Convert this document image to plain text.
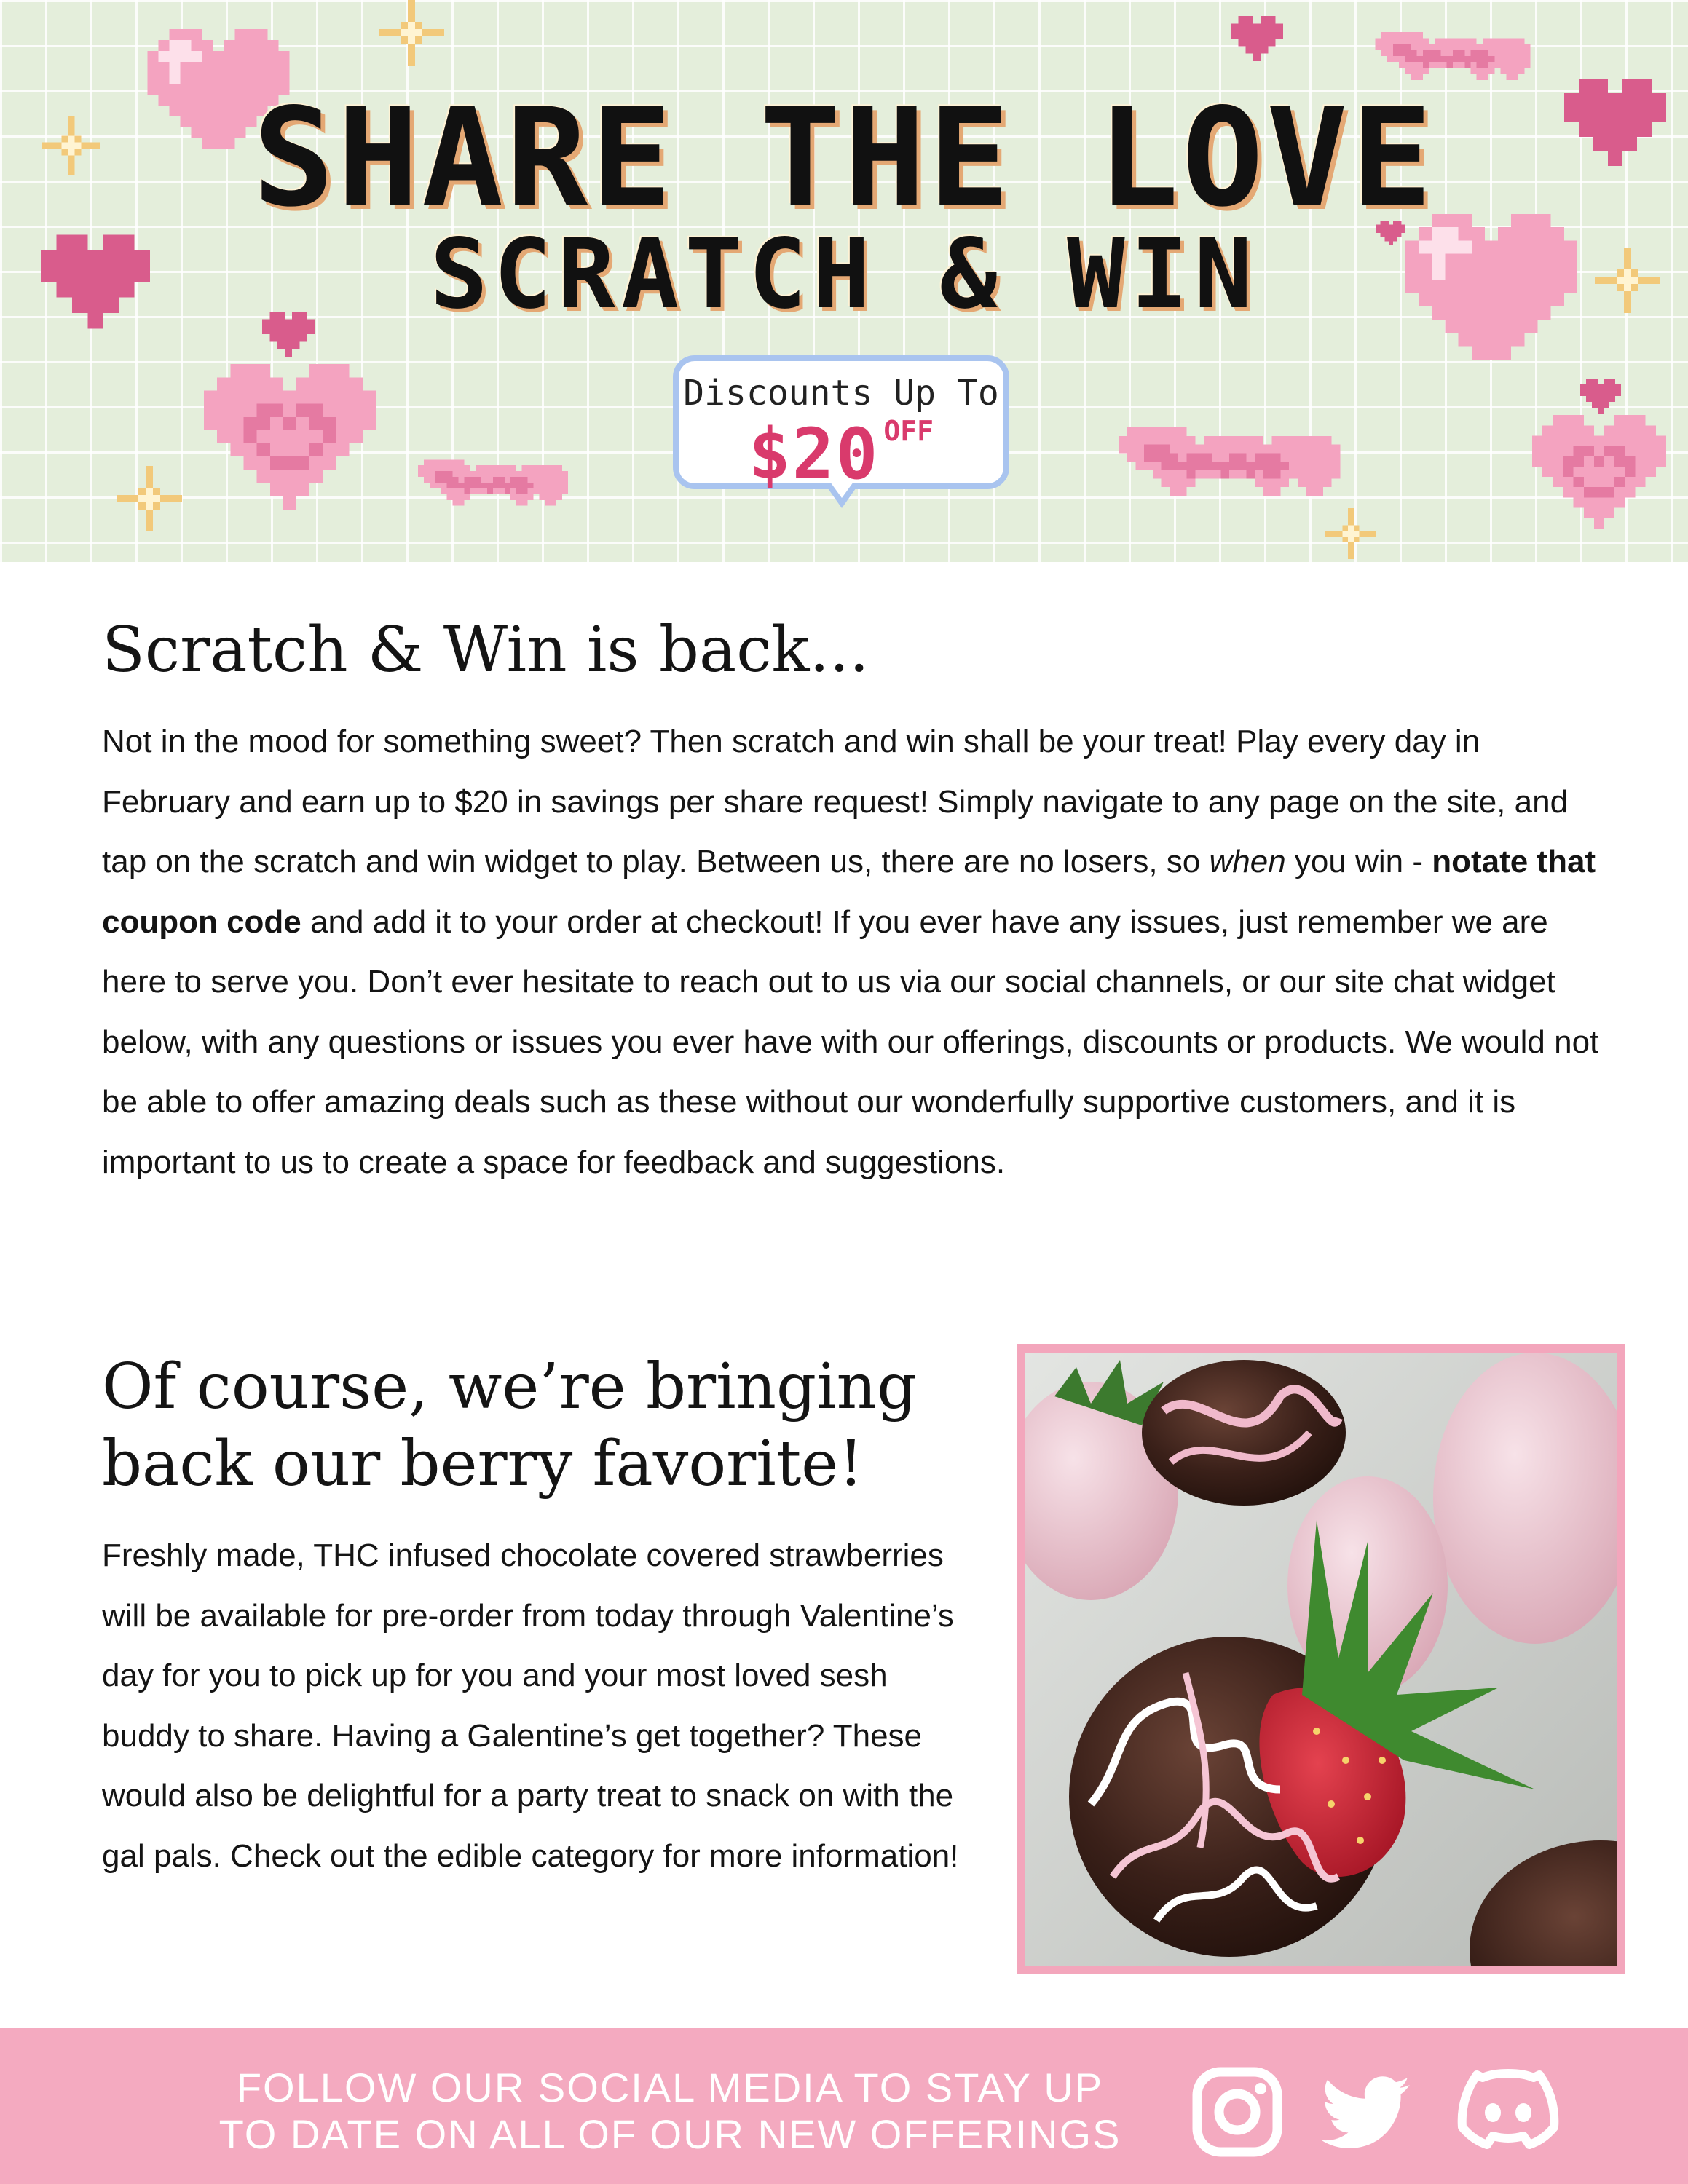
SHARE THE LOVE
SCRATCH & WIN
Discounts Up To
$20 OFF
Scratch & Win is back...

Not in the mood for something sweet? Then scratch and win shall be your treat! Play every day in February and earn up to $20 in savings per share request! Simply navigate to any page on the site, and tap on the scratch and win widget to play. Between us, there are no losers, so when you win - notate that coupon code and add it to your order at checkout! If you ever have any issues, just remember we are here to serve you. Don’t ever hesitate to reach out to us via our social channels, or our site chat widget below, with any questions or issues you ever have with our offerings, discounts or products. We would not be able to offer amazing deals such as these without our wonderfully supportive customers, and it is important to us to create a space for feedback and suggestions.

Of course, we’re bringing
back our berry favorite!

Freshly made, THC infused chocolate covered strawberries will be available for pre-order from today through Valentine’s day for you to pick up for you and your most loved sesh buddy to share. Having a Galentine’s get together? These would also be delightful for a party treat to snack on with the gal pals. Check out the edible category for more information!

FOLLOW OUR SOCIAL MEDIA TO STAY UP
TO DATE ON ALL OF OUR NEW OFFERINGS
